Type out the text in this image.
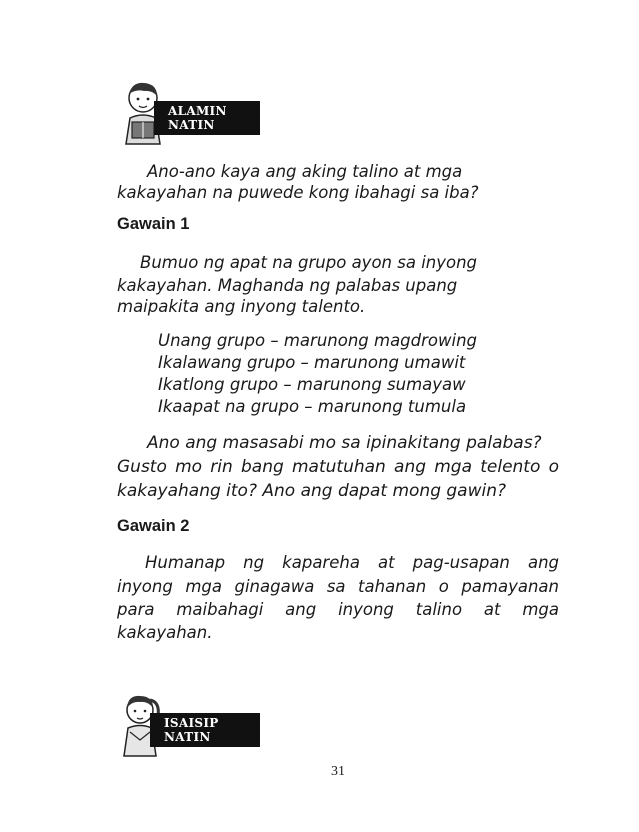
ALAMIN NATIN
Ano-ano kaya ang aking talino at mga
kakayahan na puwede kong ibahagi sa iba?
Gawain 1
Bumuo ng apat na grupo ayon sa inyong
kakayahan. Maghanda ng palabas upang
maipakita ang inyong talento.
Unang grupo – marunong magdrowing
Ikalawang grupo – marunong umawit
Ikatlong grupo – marunong sumayaw
Ikaapat na grupo – marunong tumula
Ano ang masasabi mo sa ipinakitang palabas?
Gusto mo rin bang matutuhan ang mga telento o
kakayahang ito? Ano ang dapat mong gawin?
Gawain 2
Humanap ng kapareha at pag-usapan ang
inyong mga ginagawa sa tahanan o pamayanan
para maibahagi ang inyong talino at mga
kakayahan.
ISAISIP NATIN
31
